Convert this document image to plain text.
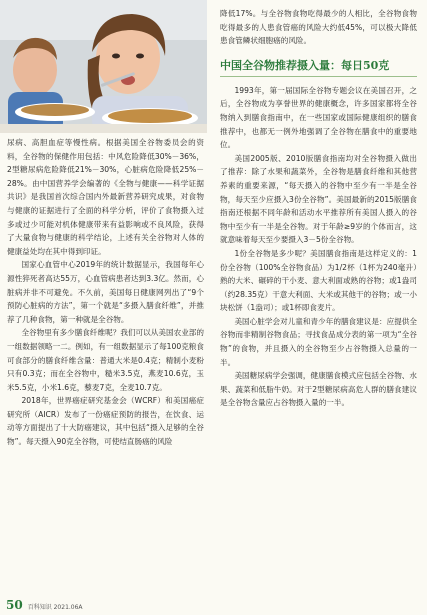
尿病、高胆血症等慢性病。根据美国全谷物委员会的资料，全谷物的保健作用包括：中风危险降低30%－36%，2型糖尿病危险降低21%－30%，心脏病危险降低25%－28%。由中国营养学会编著的《全物与健康——科学证据共识》是我国首次综合国内外最新营养研究成果，对食物与健康的证据进行了全面的科学分析，评价了食物摄入过多或过少可能对机体健康带来有益影响或不良风险，获得了大量食物与健康的科学结论，上述有关全谷物对人体的健康益处均在其中得到印证。

国家心血管中心2019年的统计数据显示，我国每年心源性猝死者高达55万，心血管病患者达到3.3亿。然而，心脏病并非不可避免。不久前，美国每日健康网列出了“9个预防心脏病的方法”，第一个就是“多摄入膳食纤维”，并推荐了几种食物，第一种就是全谷物。

全谷物里有多少膳食纤维呢？我们可以从美国农业部的一组数据领略一二。例如，有一组数据显示了每100克粮食可食部分的膳食纤维含量：普通大米是0.4克；精制小麦粉只有0.3克；而在全谷物中，糙米3.5克，燕麦10.6克，玉米5.5克，小米1.6克，藜麦7克，全麦10.7克。

2018年，世界癌症研究基金会（WCRF）和美国癌症研究所（AICR）发布了一份癌症预防的报告，在饮食、运动等方面提出了十大防癌建议，其中包括“摄入足够的全谷物”。每天摄入90克全谷物，可使结直肠癌的风险

降低17%。与全谷物食物吃得最少的人相比，全谷物食物吃得最多的人患食管癌的风险大约低45%，可以极大降低患食管鳞状细胞癌的风险。

中国全谷物推荐摄入量：每日50克

1993年，第一届国际全谷物专题会议在美国召开，之后，全谷物成为享誉世界的健康概念，许多国家都将全谷物纳入到膳食指南中，在一些国家或国际健康组织的膳食推荐中，也都无一例外地强调了全谷物在膳食中的重要地位。

美国2005版、2010版膳食指南均对全谷物摄入做出了推荐：除了水果和蔬菜外，全谷物是膳食纤维和其他营养素的重要来源，“每天摄入的谷物中至少有一半是全谷物，每天至少应摄入3份全谷物”。美国最新的2015版膳食指南还根据不同年龄和活动水平推荐所有美国人摄入的谷物中至少有一半是全谷物。对于年龄≥9岁的个体而言，这就意味着每天至少要摄入3－5份全谷物。

1份全谷物是多少呢？美国膳食指南是这样定义的：1份全谷物（100%全谷物食品）为1/2杯（1杯为240毫升）熟的大米、碾碎的干小麦、意大利面或熟的谷物；或1盎司（约28.35克）干意大利面、大米或其他干的谷物；或一小块松饼（1盎司）；或1杯即食麦片。

美国心脏学会对儿童和青少年的膳食建议是：应提供全谷物而非精制谷物食品；寻找食品成分表的第一项为“全谷物”的食物，并且摄入的全谷物至少占谷物摄入总量的一半。

美国糖尿病学会强调，健康膳食模式应包括全谷物、水果、蔬菜和低脂牛奶。对于2型糖尿病高危人群的膳食建议是全谷物含量应占谷物摄入量的一半。

50 百科知识 2021.06A
